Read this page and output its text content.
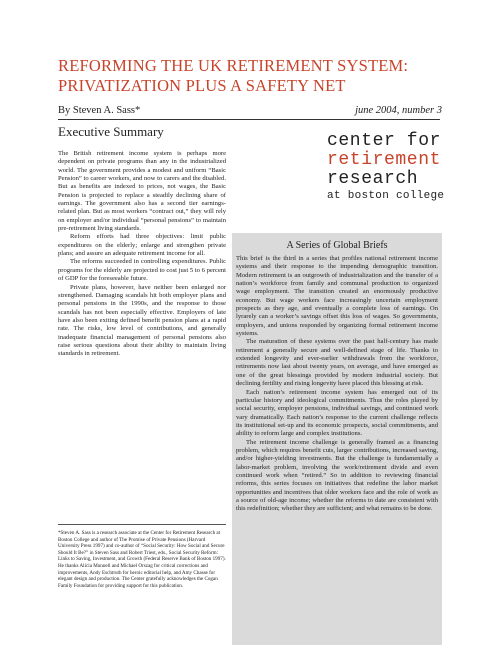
REFORMING THE UK RETIREMENT SYSTEM:
PRIVATIZATION PLUS A SAFETY NET
By Steven A. Sass*	june 2004, number 3
Executive Summary

The British retirement income system is perhaps more dependent on private programs than any in the industrialized world. The government provides a modest and uniform “Basic Pension” to career workers, and now to carers and the disabled. But as benefits are indexed to prices, not wages, the Basic Pension is projected to replace a steadily declining share of earnings. The government also has a second tier earnings-related plan. But as most workers “contract out,” they will rely on employer and/or individual “personal pensions” to maintain pre-retirement living standards.

Reform efforts had three objectives: limit public expenditures on the elderly; enlarge and strengthen private plans; and assure an adequate retirement income for all.

The reforms succeeded in controlling expenditures. Public programs for the elderly are projected to cost just 5 to 6 percent of GDP for the foreseeable future.

Private plans, however, have neither been enlarged nor strengthened. Damaging scandals hit both employer plans and personal pensions in the 1990s, and the response to those scandals has not been especially effective. Employers of late have also been exiting defined benefit pension plans at a rapid rate. The risks, low level of contributions, and generally inadequate financial management of personal pensions also raise serious questions about their ability to maintain living standards in retirement.

*Steven A. Sass is a research associate at the Center for Retirement Research at Boston College and author of The Promise of Private Pensions (Harvard University Press 1997) and co-author of “Social Security: How Social and Secure Should It Be?” in Steven Sass and Robert Triest, eds., Social Security Reform: Links to Saving, Investment, and Growth (Federal Reserve Bank of Boston 1997). He thanks Alicia Munnell and Michael Orszag for critical corrections and improvements, Andy Eschtruth for heroic editorial help, and Amy Chasse for elegant design and production. The Center gratefully acknowledges the Cogan Family Foundation for providing support for this publication.
center for
retirement
research
at boston college
A Series of Global Briefs

This brief is the third in a series that profiles national retirement income systems and their response to the impending demographic transition. Modern retirement is an outgrowth of industrialization and the transfer of a nation’s workforce from family and communal production to organized wage employment. The transition created an enormously productive economy. But wage workers face increasingly uncertain employment prospects as they age, and eventually a complete loss of earnings. On lyrarely can a worker’s savings offset this loss of wages. So governments, employers, and unions responded by organizing formal retirement income systems.

The maturation of these systems over the past half-century has made retirement a generally secure and well-defined stage of life. Thanks to extended longevity and ever-earlier withdrawals from the workforce, retirements now last about twenty years, on average, and have emerged as one of the great blessings provided by modern industrial society. But declining fertility and rising longevity have placed this blessing at risk.

Each nation’s retirement income system has emerged out of its particular history and ideological commitments. Thus the roles played by social security, employer pensions, individual savings, and continued work vary dramatically. Each nation’s response to the current challenge reflects its institutional set-up and its economic prospects, social commitments, and ability to reform large and complex institutions.

The retirement income challenge is generally framed as a financing problem, which requires benefit cuts, larger contributions, increased saving, and/or higher-yielding investments. But the challenge is fundamentally a labor-market problem, involving the work/retirement divide and even continued work when “retired.” So in addition to reviewing financial reforms, this series focuses on initiatives that redefine the labor market opportunities and incentives that older workers face and the role of work as a source of old-age income; whether the reforms to date are consistent with this redefinition; whether they are sufficient; and what remains to be done.
